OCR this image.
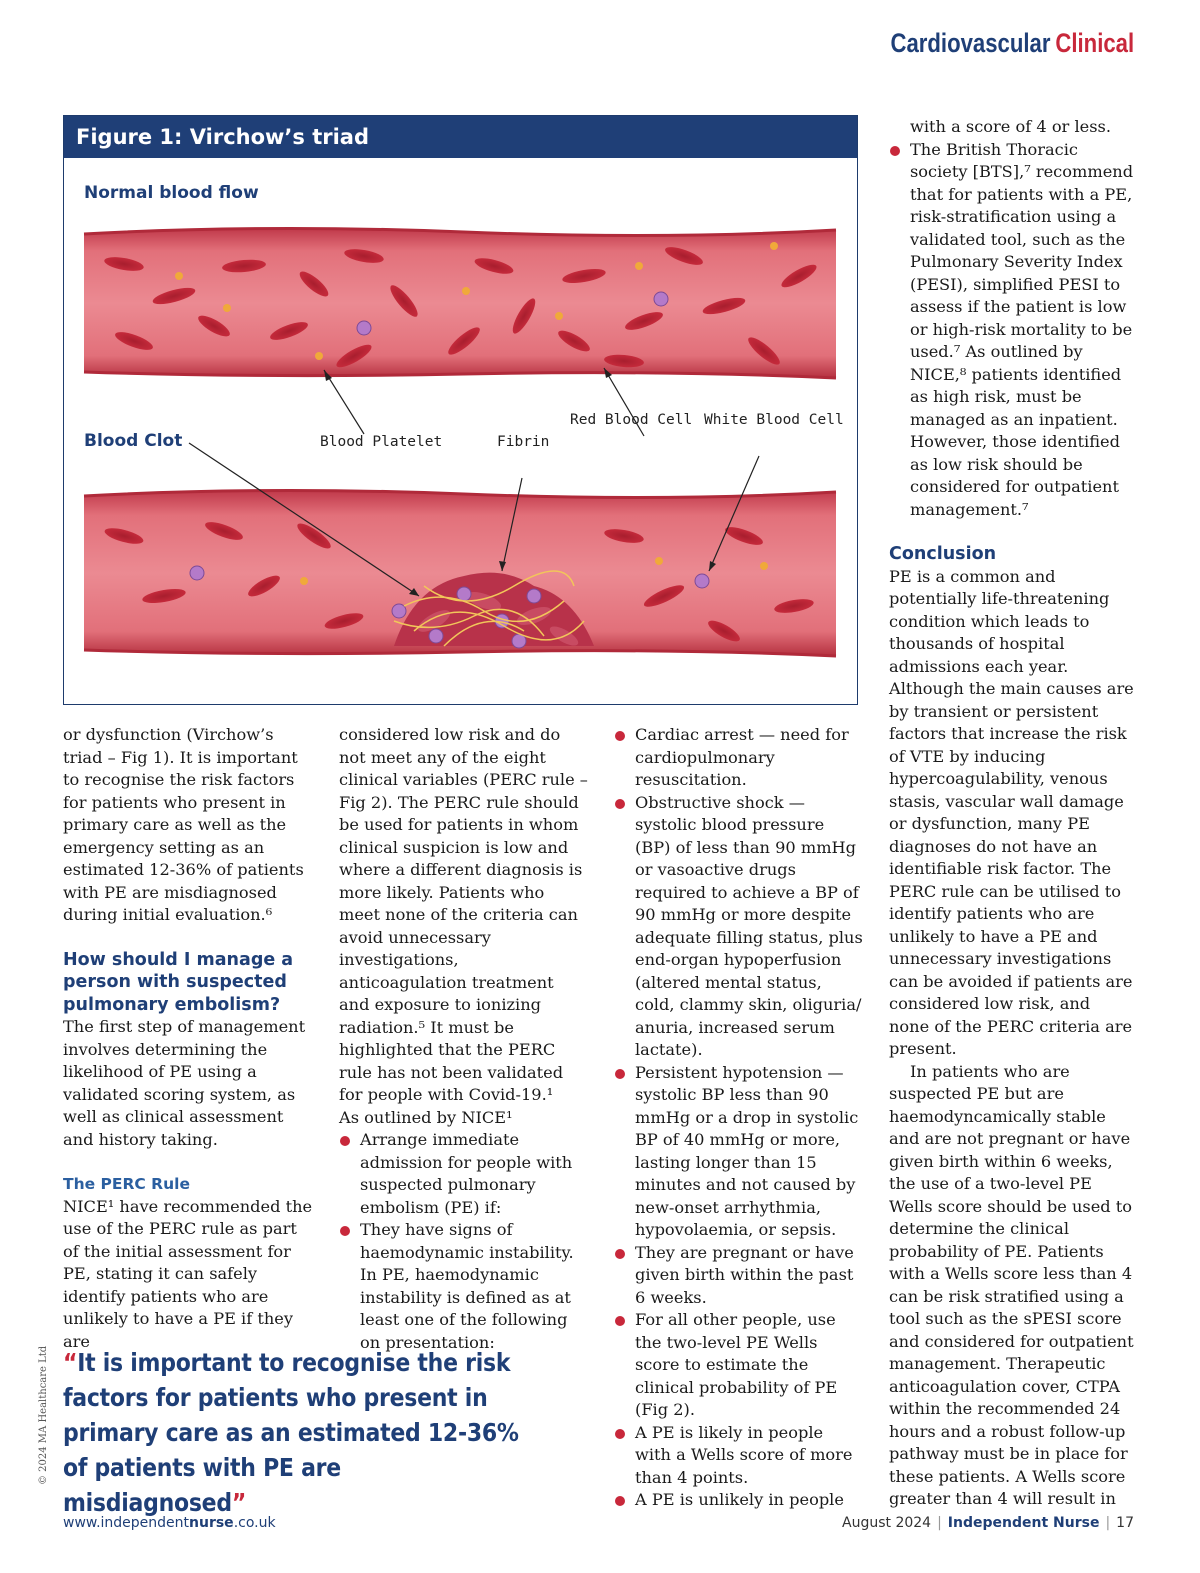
Cardiovascular Clinical
Figure 1: Virchow’s triad
Normal blood flow
Blood Clot	Blood Platelet	Fibrin
Red Blood Cell White Blood Cell

or dysfunction (Virchow’s triad – Fig 1). It is important to recognise the risk factors for patients who present in primary care as well as the emergency setting as an estimated 12-36% of patients with PE are misdiagnosed during initial evaluation.⁶

How should I manage a person with suspected pulmonary embolism?

The first step of management involves determining the likelihood of PE using a validated scoring system, as well as clinical assessment and history taking.

The PERC Rule

NICE¹ have recommended the use of the PERC rule as part of the initial assessment for PE, stating it can safely identify patients who are unlikely to have a PE if they are

considered low risk and do not meet any of the eight clinical variables (PERC rule – Fig 2). The PERC rule should be used for patients in whom clinical suspicion is low and where a different diagnosis is more likely. Patients who meet none of the criteria can avoid unnecessary investigations, anticoagulation treatment and exposure to ionizing radiation.⁵ It must be highlighted that the PERC rule has not been validated for people with Covid-19.¹

As outlined by NICE¹

Arrange immediate admission for people with suspected pulmonary embolism (PE) if:
They have signs of haemodynamic instability. In PE, haemodynamic instability is defined as at least one of the following on presentation:
Cardiac arrest — need for cardiopulmonary resuscitation.
Obstructive shock — systolic blood pressure (BP) of less than 90 mmHg or vasoactive drugs required to achieve a BP of 90 mmHg or more despite adequate filling status, plus end-organ hypoperfusion (altered mental status, cold, clammy skin, oliguria/ anuria, increased serum lactate).
Persistent hypotension — systolic BP less than 90 mmHg or a drop in systolic BP of 40 mmHg or more, lasting longer than 15 minutes and not caused by new-onset arrhythmia, hypovolaemia, or sepsis.
They are pregnant or have given birth within the past 6 weeks.
For all other people, use the two-level PE Wells score to estimate the clinical probability of PE (Fig 2).
A PE is likely in people with a Wells score of more than 4 points.
A PE is unlikely in people

with a score of 4 or less.

The British Thoracic society [BTS],⁷ recommend that for patients with a PE, risk-stratification using a validated tool, such as the Pulmonary Severity Index (PESI), simplified PESI to assess if the patient is low or high-risk mortality to be used.⁷ As outlined by NICE,⁸ patients identified as high risk, must be managed as an inpatient. However, those identified as low risk should be considered for outpatient management.⁷

Conclusion

PE is a common and potentially life-threatening condition which leads to thousands of hospital admissions each year. Although the main causes are by transient or persistent factors that increase the risk of VTE by inducing hypercoagulability, venous stasis, vascular wall damage or dysfunction, many PE diagnoses do not have an identifiable risk factor. The PERC rule can be utilised to identify patients who are unlikely to have a PE and unnecessary investigations can be avoided if patients are considered low risk, and none of the PERC criteria are present.

In patients who are suspected PE but are haemodyncamically stable and are not pregnant or have given birth within 6 weeks, the use of a two-level PE Wells score should be used to determine the clinical probability of PE. Patients with a Wells score less than 4 can be risk stratified using a tool such as the sPESI score and considered for outpatient management. Therapeutic anticoagulation cover, CTPA within the recommended 24 hours and a robust follow-up pathway must be in place for these patients. A Wells score greater than 4 will result in

“It is important to recognise the risk factors for patients who present in primary care as an estimated 12-36% of patients with PE are misdiagnosed”
© 2024 MA Healthcare Ltd
www.independentnurse.co.uk	August 2024 | Independent Nurse | 17
